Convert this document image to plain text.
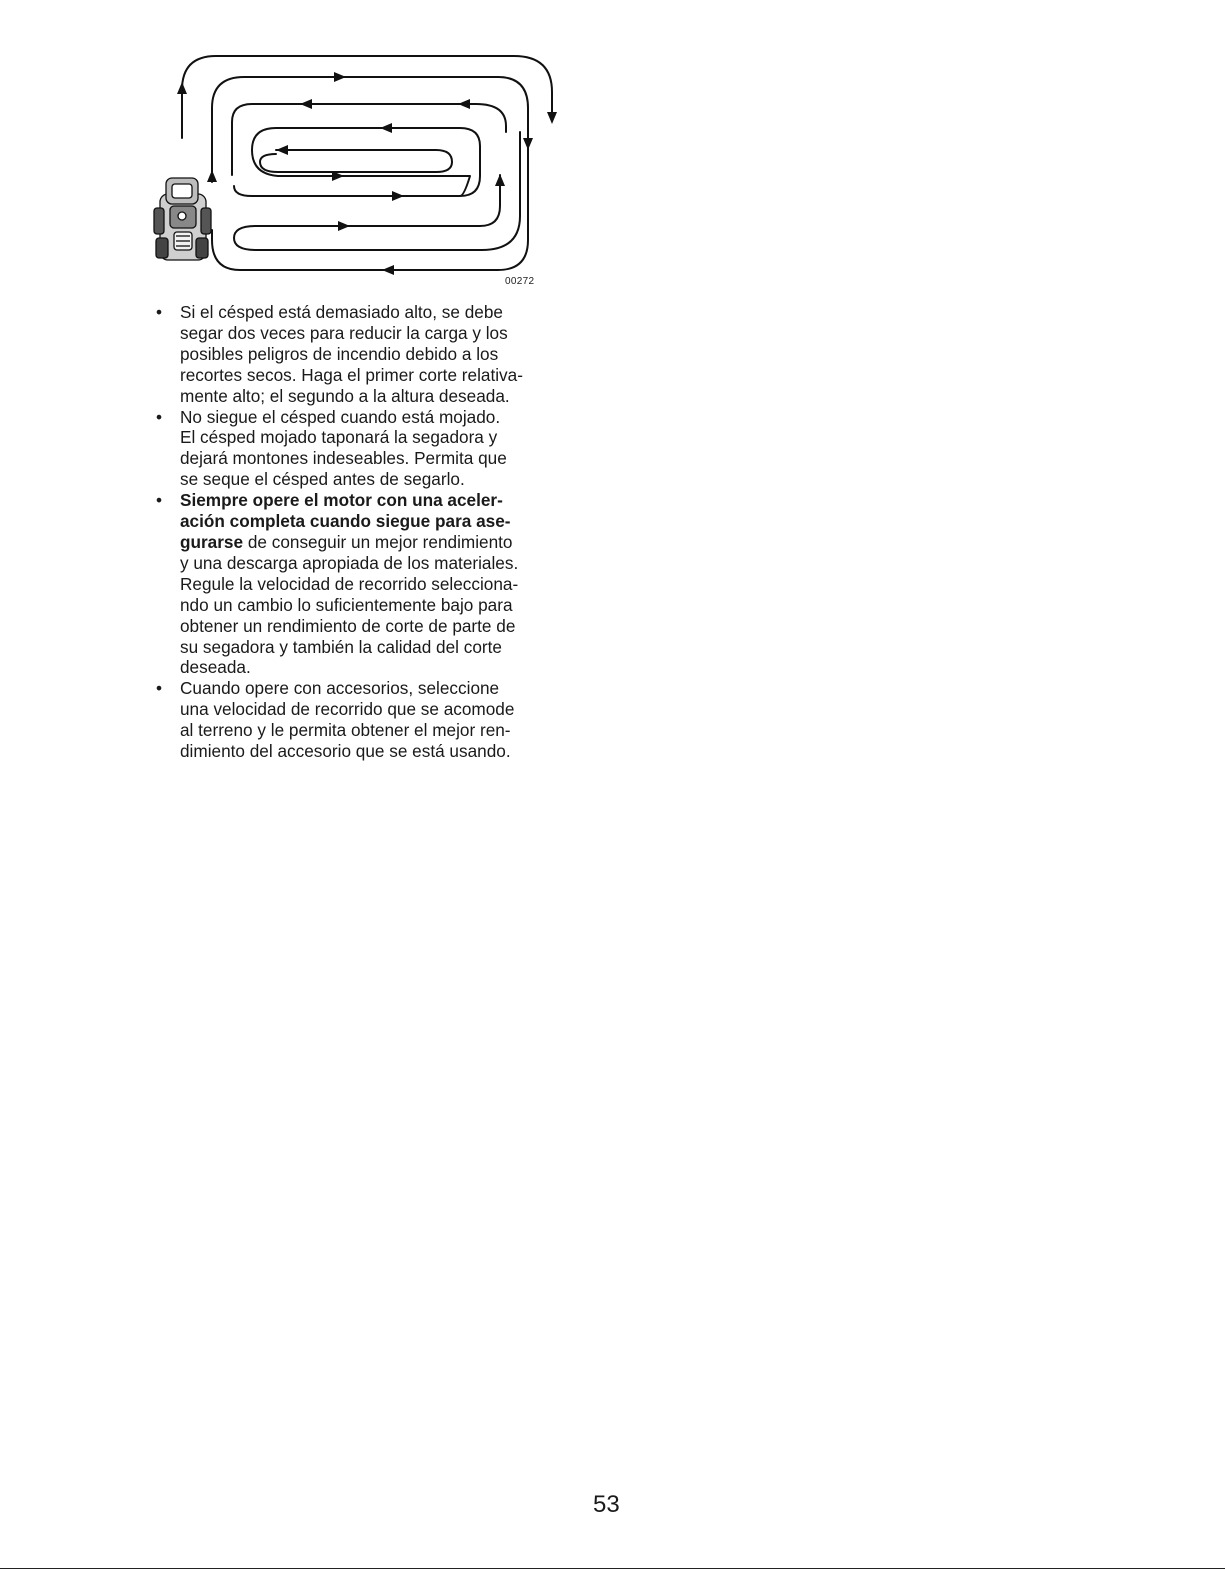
00272
• Si el césped está demasiado alto, se debe
segar dos veces para reducir la carga y los
posibles peligros de incendio debido a los
recortes secos. Haga el primer corte relativa-
mente alto; el segundo a la altura deseada.
• No siegue el césped cuando está mojado.
El césped mojado taponará la segadora y
dejará montones indeseables. Permita que
se seque el césped antes de segarlo.
• Siempre opere el motor con una aceler-
ación completa cuando siegue para ase-
gurarse de conseguir un mejor rendimiento
y una descarga apropiada de los materiales.
Regule la velocidad de recorrido selecciona-
ndo un cambio lo suficientemente bajo para
obtener un rendimiento de corte de parte de
su segadora y también la calidad del corte
deseada.
• Cuando opere con accesorios, seleccione
una velocidad de recorrido que se acomode
al terreno y le permita obtener el mejor ren-
dimiento del accesorio que se está usando.
53
